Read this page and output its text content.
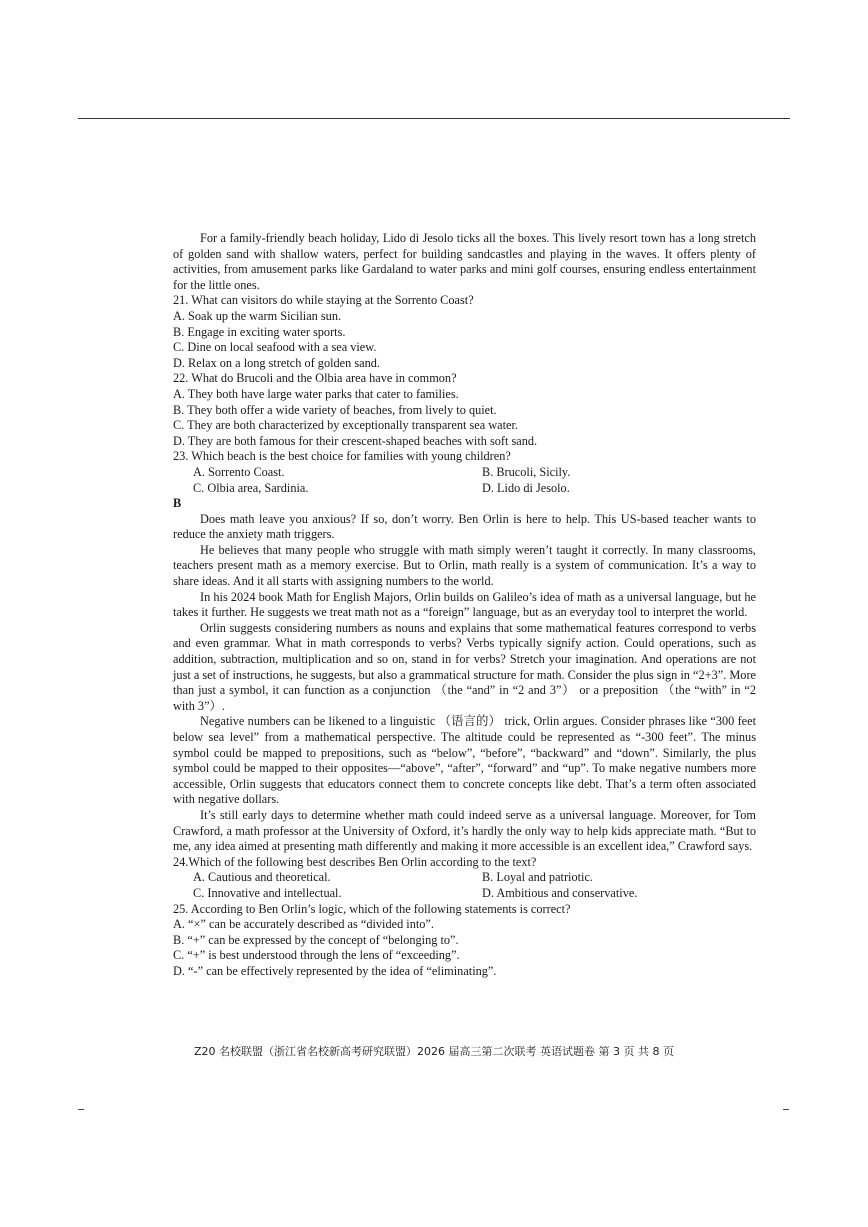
For a family-friendly beach holiday, Lido di Jesolo ticks all the boxes. This lively resort town has a long stretch of golden sand with shallow waters, perfect for building sandcastles and playing in the waves. It offers plenty of activities, from amusement parks like Gardaland to water parks and mini golf courses, ensuring endless entertainment for the little ones.

21. What can visitors do while staying at the Sorrento Coast?

A. Soak up the warm Sicilian sun.

B. Engage in exciting water sports.

C. Dine on local seafood with a sea view.

D. Relax on a long stretch of golden sand.

22. What do Brucoli and the Olbia area have in common?

A. They both have large water parks that cater to families.

B. They both offer a wide variety of beaches, from lively to quiet.

C. They are both characterized by exceptionally transparent sea water.

D. They are both famous for their crescent-shaped beaches with soft sand.

23. Which beach is the best choice for families with young children?

A. Sorrento Coast.	B. Brucoli, Sicily.
C. Olbia area, Sardinia.	D. Lido di Jesolo.

B

Does math leave you anxious? If so, don’t worry. Ben Orlin is here to help. This US-based teacher wants to reduce the anxiety math triggers.

He believes that many people who struggle with math simply weren’t taught it correctly. In many classrooms, teachers present math as a memory exercise. But to Orlin, math really is a system of communication. It’s a way to share ideas. And it all starts with assigning numbers to the world.

In his 2024 book Math for English Majors, Orlin builds on Galileo’s idea of math as a universal language, but he takes it further. He suggests we treat math not as a “foreign” language, but as an everyday tool to interpret the world.

Orlin suggests considering numbers as nouns and explains that some mathematical features correspond to verbs and even grammar. What in math corresponds to verbs? Verbs typically signify action. Could operations, such as addition, subtraction, multiplication and so on, stand in for verbs? Stretch your imagination. And operations are not just a set of instructions, he suggests, but also a grammatical structure for math. Consider the plus sign in “2+3”. More than just a symbol, it can function as a conjunction （the “and” in “2 and 3”） or a preposition （the “with” in “2 with 3”）.

Negative numbers can be likened to a linguistic （语言的） trick, Orlin argues. Consider phrases like “300 feet below sea level” from a mathematical perspective. The altitude could be represented as “-300 feet”. The minus symbol could be mapped to prepositions, such as “below”, “before”, “backward” and “down”. Similarly, the plus symbol could be mapped to their opposites—“above”, “after”, “forward” and “up”. To make negative numbers more accessible, Orlin suggests that educators connect them to concrete concepts like debt. That’s a term often associated with negative dollars.

It’s still early days to determine whether math could indeed serve as a universal language. Moreover, for Tom Crawford, a math professor at the University of Oxford, it’s hardly the only way to help kids appreciate math. “But to me, any idea aimed at presenting math differently and making it more accessible is an excellent idea,” Crawford says.

24.Which of the following best describes Ben Orlin according to the text?

A. Cautious and theoretical.	B. Loyal and patriotic.
C. Innovative and intellectual.	D. Ambitious and conservative.

25. According to Ben Orlin’s logic, which of the following statements is correct?

A. “×” can be accurately described as “divided into”.

B. “+” can be expressed by the concept of “belonging to”.

C. “+” is best understood through the lens of “exceeding”.

D. “-” can be effectively represented by the idea of “eliminating”.

Z20 名校联盟（浙江省名校新高考研究联盟）2026 届高三第二次联考 英语试题卷 第 3 页 共 8 页
